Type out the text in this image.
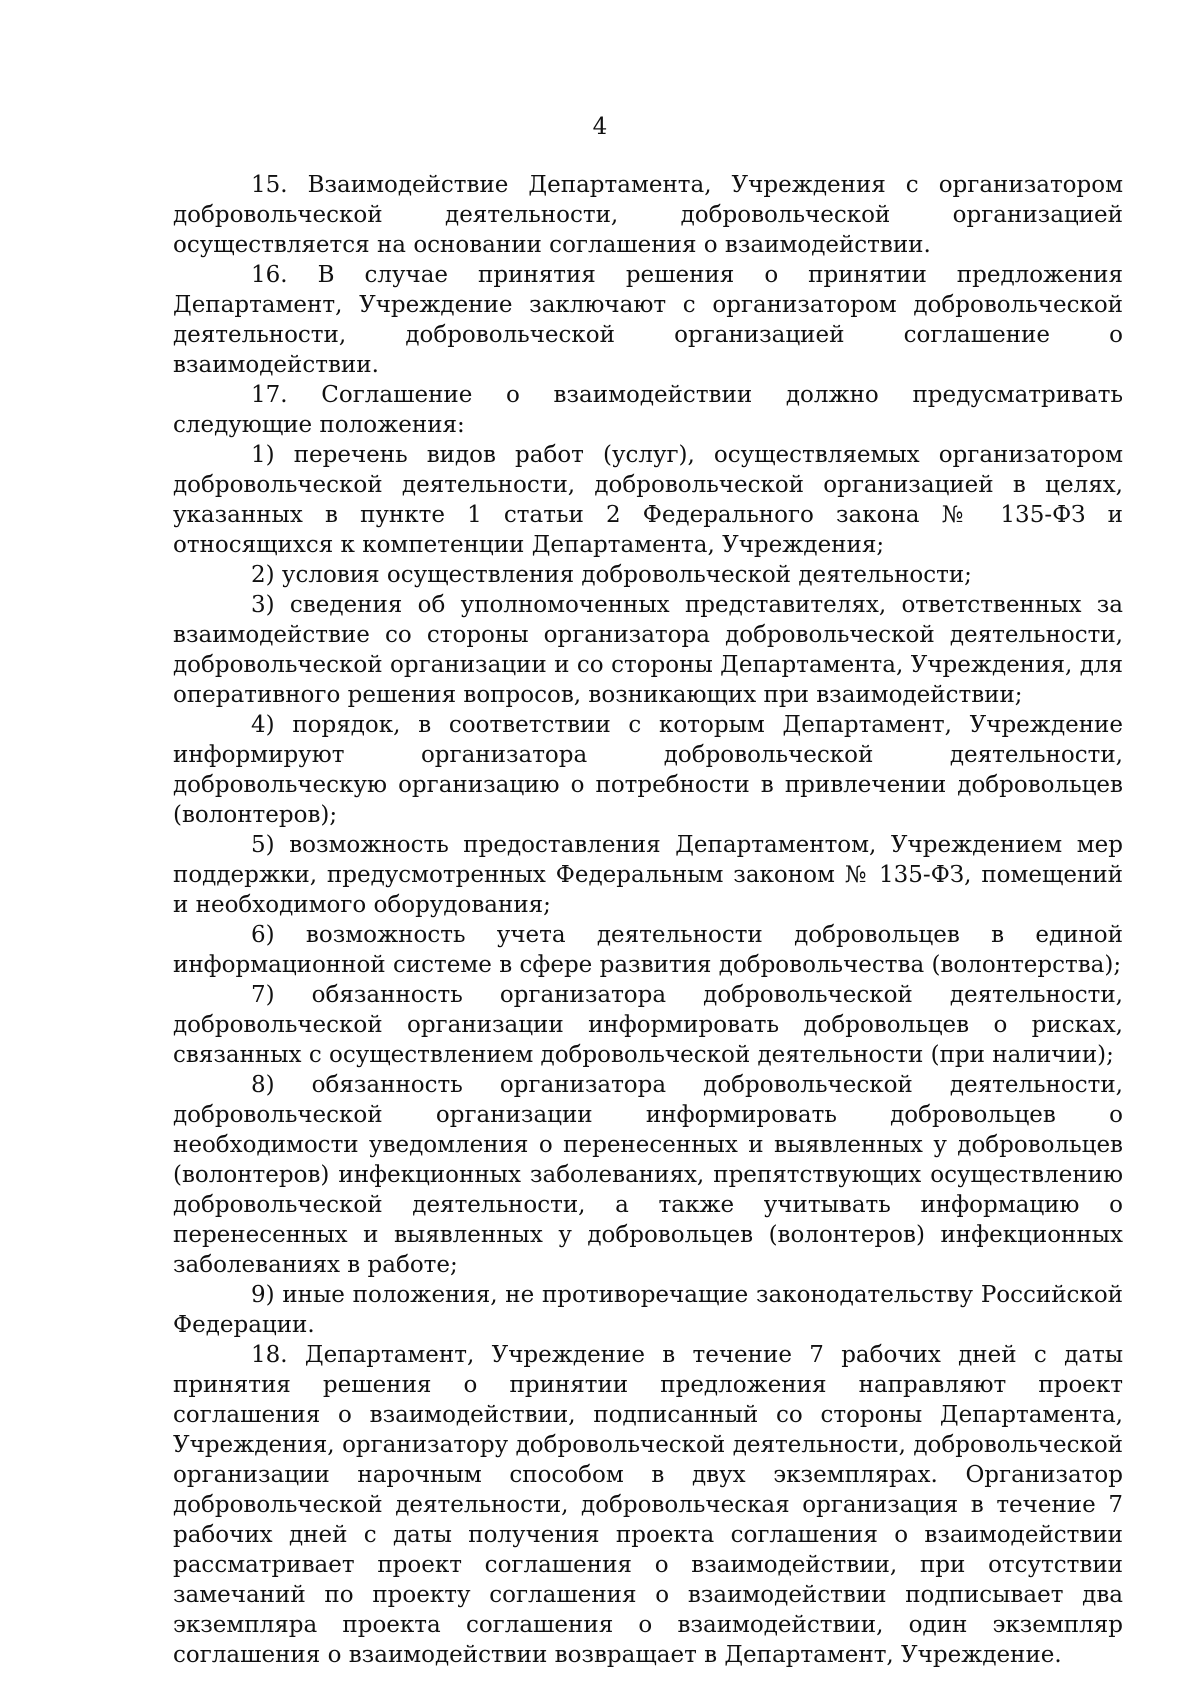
4

15. Взаимодействие Департамента, Учреждения с организатором добровольческой деятельности, добровольческой организацией осуществляется на основании соглашения о взаимодействии.

16. В случае принятия решения о принятии предложения Департамент, Учреждение заключают с организатором добровольческой деятельности, добровольческой организацией соглашение о взаимодействии.

17. Соглашение о взаимодействии должно предусматривать следующие положения:

1) перечень видов работ (услуг), осуществляемых организатором добровольческой деятельности, добровольческой организацией в целях, указанных в пункте 1 статьи 2 Федерального закона № 135-ФЗ и относящихся к компетенции Департамента, Учреждения;

2) условия осуществления добровольческой деятельности;

3) сведения об уполномоченных представителях, ответственных за взаимодействие со стороны организатора добровольческой деятельности, добровольческой организации и со стороны Департамента, Учреждения, для оперативного решения вопросов, возникающих при взаимодействии;

4) порядок, в соответствии с которым Департамент, Учреждение информируют организатора добровольческой деятельности, добровольческую организацию о потребности в привлечении добровольцев (волонтеров);

5) возможность предоставления Департаментом, Учреждением мер поддержки, предусмотренных Федеральным законом № 135-ФЗ, помещений и необходимого оборудования;

6) возможность учета деятельности добровольцев в единой информационной системе в сфере развития добровольчества (волонтерства);

7) обязанность организатора добровольческой деятельности, добровольческой организации информировать добровольцев о рисках, связанных с осуществлением добровольческой деятельности (при наличии);

8) обязанность организатора добровольческой деятельности, добровольческой организации информировать добровольцев о необходимости уведомления о перенесенных и выявленных у добровольцев (волонтеров) инфекционных заболеваниях, препятствующих осуществлению добровольческой деятельности, а также учитывать информацию о перенесенных и выявленных у добровольцев (волонтеров) инфекционных заболеваниях в работе;

9) иные положения, не противоречащие законодательству Российской Федерации.

18. Департамент, Учреждение в течение 7 рабочих дней с даты принятия решения о принятии предложения направляют проект соглашения о взаимодействии, подписанный со стороны Департамента, Учреждения, организатору добровольческой деятельности, добровольческой организации нарочным способом в двух экземплярах. Организатор добровольческой деятельности, добровольческая организация в течение 7 рабочих дней с даты получения проекта соглашения о взаимодействии рассматривает проект соглашения о взаимодействии, при отсутствии замечаний по проекту соглашения о взаимодействии подписывает два экземпляра проекта соглашения о взаимодействии, один экземпляр соглашения о взаимодействии возвращает в Департамент, Учреждение.
